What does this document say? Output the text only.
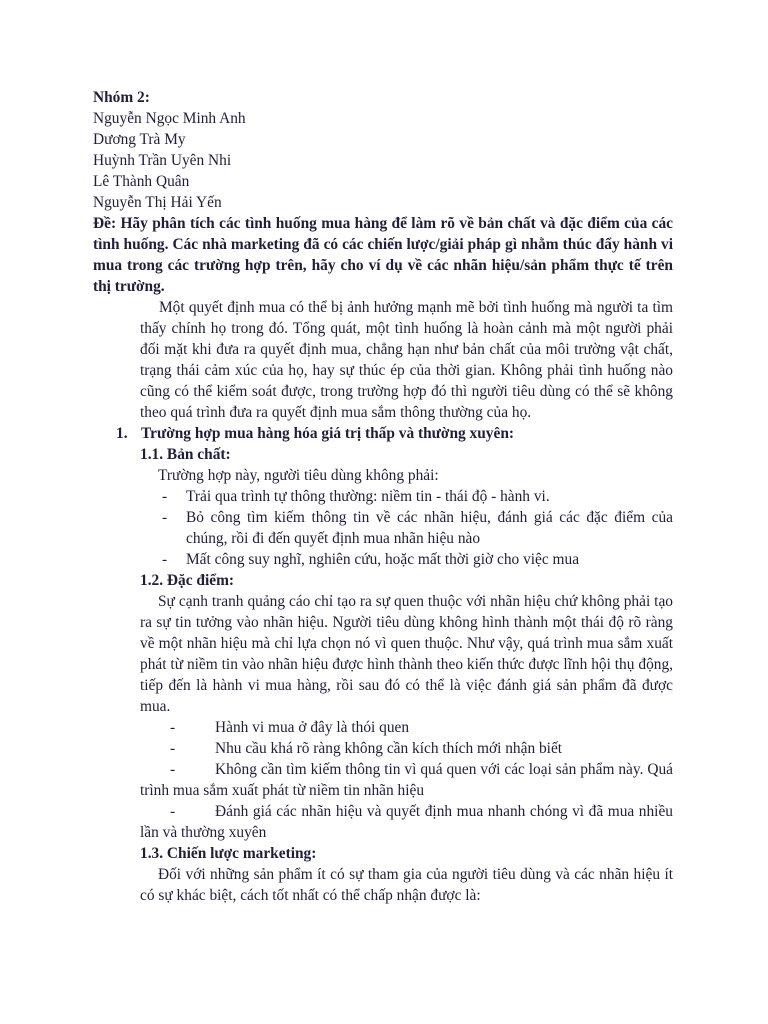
Nhóm 2:
Nguyễn Ngọc Minh Anh
Dương Trà My
Huỳnh Trần Uyên Nhi
Lê Thành Quân
Nguyễn Thị Hải Yến
Đề: Hãy phân tích các tình huống mua hàng để làm rõ về bản chất và đặc điểm của các tình huống. Các nhà marketing đã có các chiến lược/giải pháp gì nhằm thúc đẩy hành vi mua trong các trường hợp trên, hãy cho ví dụ về các nhãn hiệu/sản phẩm thực tế trên thị trường.
Một quyết định mua có thể bị ảnh hưởng mạnh mẽ bởi tình huống mà người ta tìm thấy chính họ trong đó. Tổng quát, một tình huống là hoàn cảnh mà một người phải đối mặt khi đưa ra quyết định mua, chẳng hạn như bản chất của môi trường vật chất, trạng thái cảm xúc của họ, hay sự thúc ép của thời gian. Không phải tình huống nào cũng có thể kiểm soát được, trong trường hợp đó thì người tiêu dùng có thể sẽ không theo quá trình đưa ra quyết định mua sắm thông thường của họ.
1. Trường hợp mua hàng hóa giá trị thấp và thường xuyên:
1.1. Bản chất:
Trường hợp này, người tiêu dùng không phải:
-	Trải qua trình tự thông thường: niềm tin - thái độ - hành vi.
-	Bỏ công tìm kiếm thông tin về các nhãn hiệu, đánh giá các đặc điểm của chúng, rồi đi đến quyết định mua nhãn hiệu nào
-	Mất công suy nghĩ, nghiên cứu, hoặc mất thời giờ cho việc mua
1.2. Đặc điểm:
Sự cạnh tranh quảng cáo chỉ tạo ra sự quen thuộc với nhãn hiệu chứ không phải tạo ra sự tin tưởng vào nhãn hiệu. Người tiêu dùng không hình thành một thái độ rõ ràng về một nhãn hiệu mà chỉ lựa chọn nó vì quen thuộc. Như vậy, quá trình mua sắm xuất phát từ niềm tin vào nhãn hiệu được hình thành theo kiến thức được lĩnh hội thụ động, tiếp đến là hành vi mua hàng, rồi sau đó có thể là việc đánh giá sản phẩm đã được mua.
-	Hành vi mua ở đây là thói quen
-	Nhu cầu khá rõ ràng không cần kích thích mới nhận biết
-	Không cần tìm kiếm thông tin vì quá quen với các loại sản phẩm này. Quá trình mua sắm xuất phát từ niềm tin nhãn hiệu
-	Đánh giá các nhãn hiệu và quyết định mua nhanh chóng vì đã mua nhiều lần và thường xuyên
1.3. Chiến lược marketing:
Đối với những sản phẩm ít có sự tham gia của người tiêu dùng và các nhãn hiệu ít có sự khác biệt, cách tốt nhất có thể chấp nhận được là:
